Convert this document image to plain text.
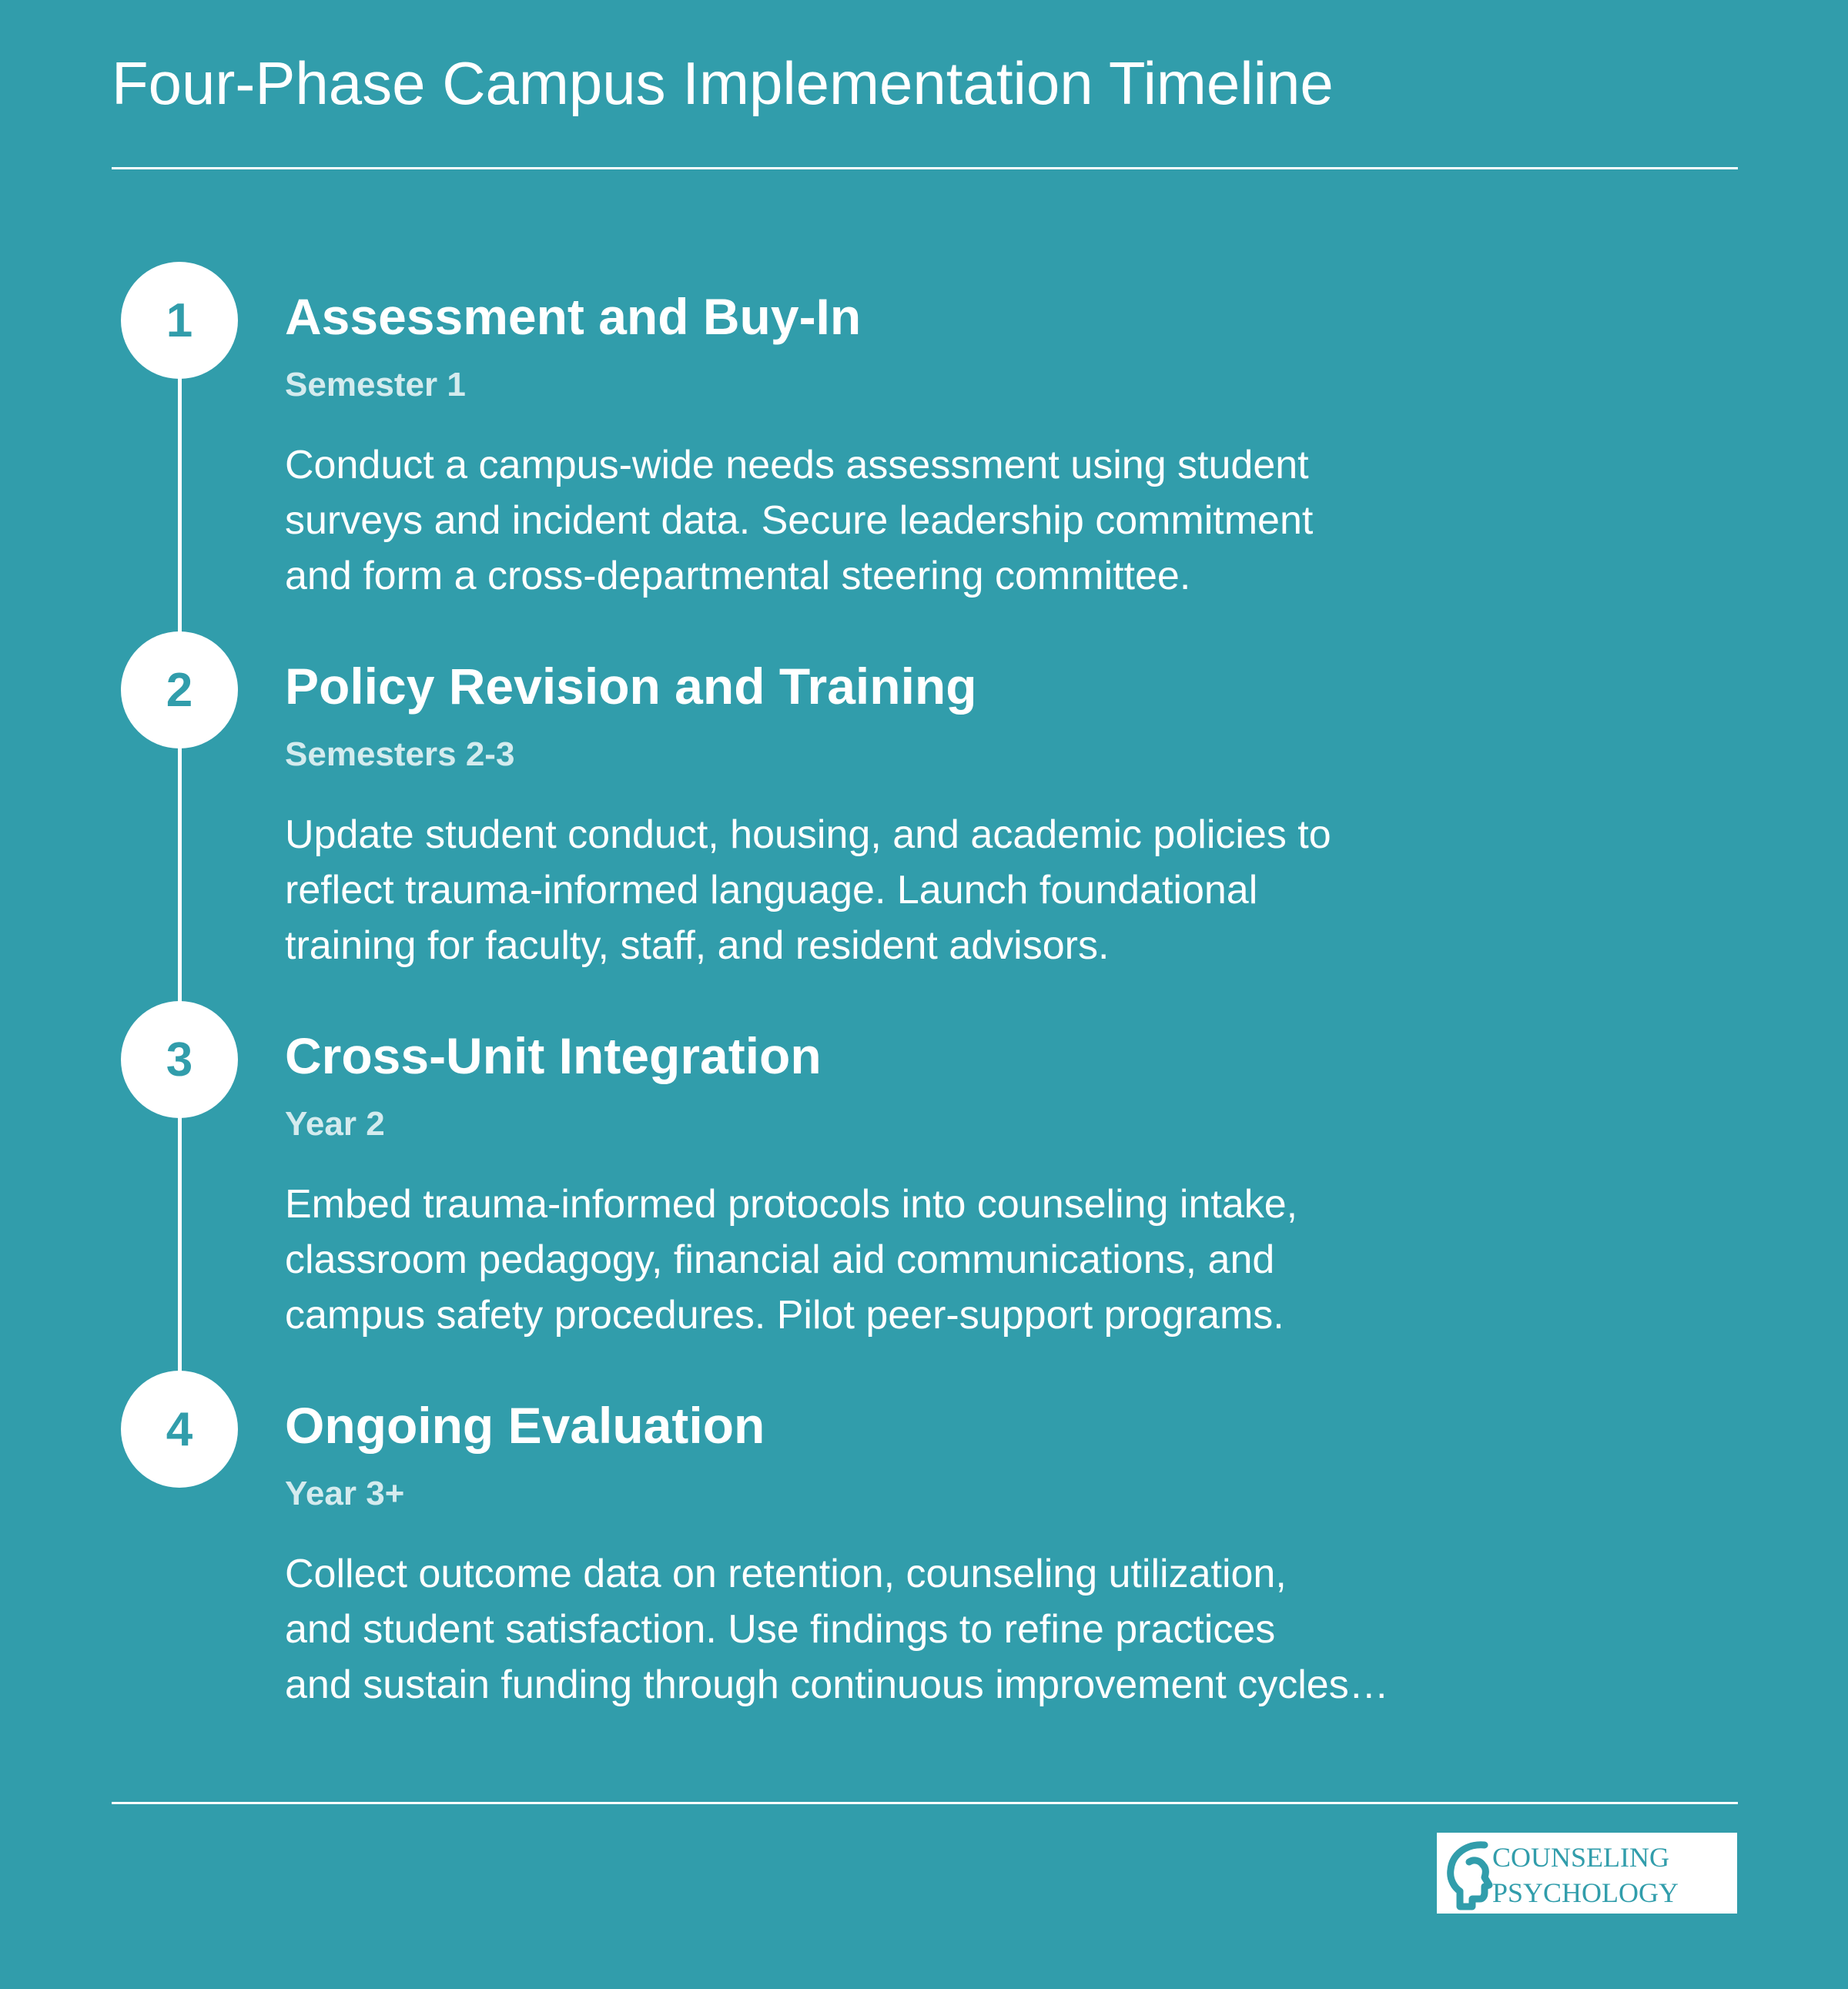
Four-Phase Campus Implementation Timeline
1	Assessment and Buy-In
Semester 1
Conduct a campus-wide needs assessment using student
surveys and incident data. Secure leadership commitment
and form a cross-departmental steering committee.
2	Policy Revision and Training
Semesters 2-3
Update student conduct, housing, and academic policies to
reflect trauma-informed language. Launch foundational
training for faculty, staff, and resident advisors.
3	Cross-Unit Integration
Year 2
Embed trauma-informed protocols into counseling intake,
classroom pedagogy, financial aid communications, and
campus safety procedures. Pilot peer-support programs.
4	Ongoing Evaluation
Year 3+
Collect outcome data on retention, counseling utilization,
and student satisfaction. Use findings to refine practices
and sustain funding through continuous improvement cycles…
COUNSELING
PSYCHOLOGY
